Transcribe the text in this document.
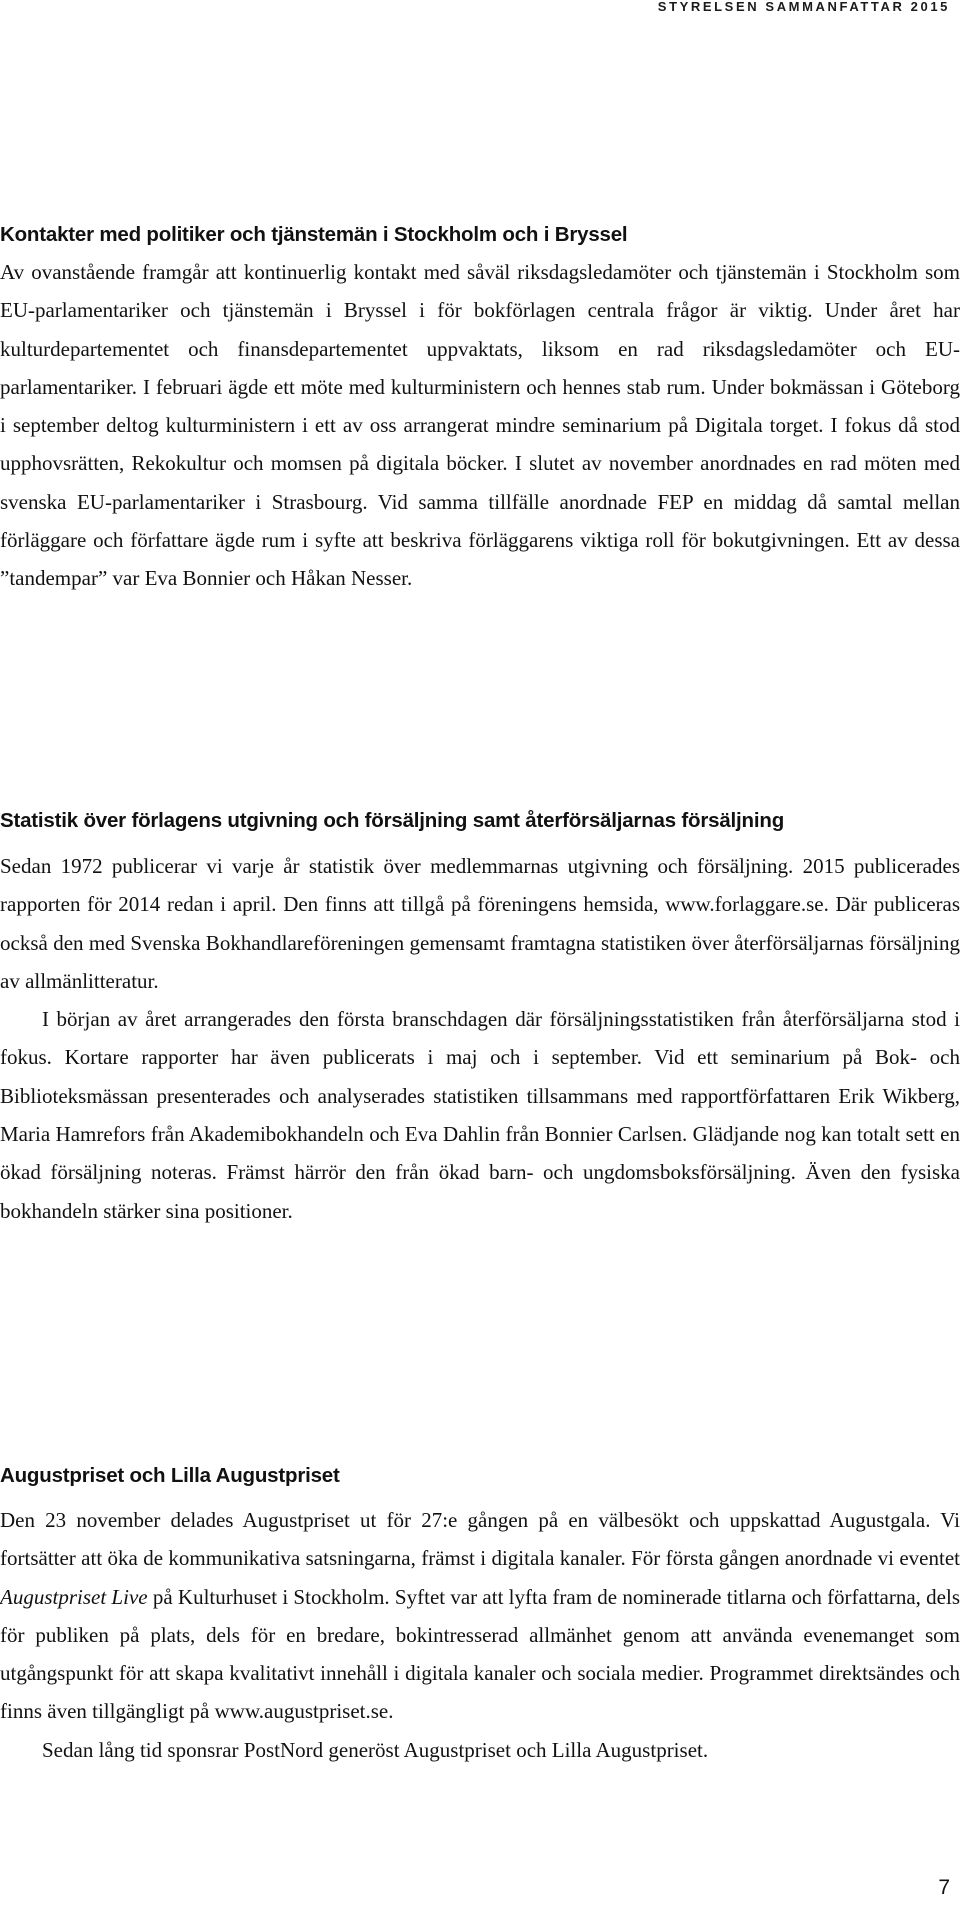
STYRELSEN SAMMANFATTAR 2015
Kontakter med politiker och tjänstemän i Stockholm och i Bryssel

Av ovanstående framgår att kontinuerlig kontakt med såväl riksdagsledamöter och tjänstemän i Stockholm som EU-parlamentariker och tjänstemän i Bryssel i för bokförlagen centrala frågor är viktig. Under året har kulturdepartementet och finansdepartementet uppvaktats, liksom en rad riksdagsledamöter och EU-parlamentariker. I februari ägde ett möte med kulturministern och hennes stab rum. Under bokmässan i Göteborg i september deltog kulturministern i ett av oss arrangerat mindre seminarium på Digitala torget. I fokus då stod upphovsrätten, Rekokultur och momsen på digitala böcker. I slutet av november anordnades en rad möten med svenska EU-parlamentariker i Strasbourg. Vid samma tillfälle anordnade FEP en middag då samtal mellan förläggare och författare ägde rum i syfte att beskriva förläggarens viktiga roll för bokutgivningen. Ett av dessa ”tandempar” var Eva Bonnier och Håkan Nesser.

Statistik över förlagens utgivning och försäljning samt återförsäljarnas försäljning

Sedan 1972 publicerar vi varje år statistik över medlemmarnas utgivning och försäljning. 2015 publicerades rapporten för 2014 redan i april. Den finns att tillgå på föreningens hemsida, www.forlaggare.se. Där publiceras också den med Svenska Bokhandlareföreningen gemensamt framtagna statistiken över återförsäljarnas försäljning av allmänlitteratur.

I början av året arrangerades den första branschdagen där försäljningsstatistiken från återförsäljarna stod i fokus. Kortare rapporter har även publicerats i maj och i september. Vid ett seminarium på Bok- och Biblioteksmässan presenterades och analyserades statistiken tillsammans med rapportförfattaren Erik Wikberg, Maria Hamrefors från Akademibokhandeln och Eva Dahlin från Bonnier Carlsen. Glädjande nog kan totalt sett en ökad försäljning noteras. Främst härrör den från ökad barn- och ungdomsboksförsäljning. Även den fysiska bokhandeln stärker sina positioner.

Augustpriset och Lilla Augustpriset

Den 23 november delades Augustpriset ut för 27:e gången på en välbesökt och uppskattad Augustgala. Vi fortsätter att öka de kommunikativa satsningarna, främst i digitala kanaler. För första gången anordnade vi eventet Augustpriset Live på Kulturhuset i Stockholm. Syftet var att lyfta fram de nominerade titlarna och författarna, dels för publiken på plats, dels för en bredare, bokintresserad allmänhet genom att använda evenemanget som utgångspunkt för att skapa kvalitativt innehåll i digitala kanaler och sociala medier. Programmet direktsändes och finns även tillgängligt på www.augustpriset.se.

Sedan lång tid sponsrar PostNord generöst Augustpriset och Lilla Augustpriset.

7
